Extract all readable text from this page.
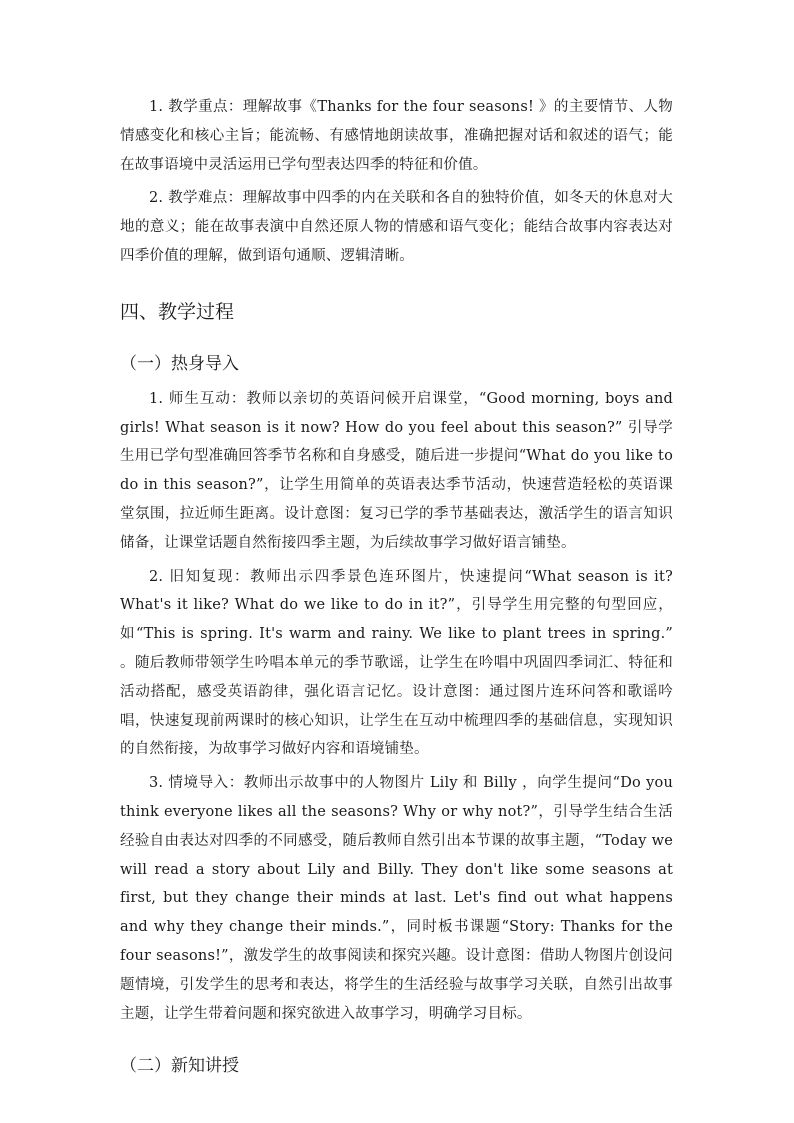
1. 教学重点：理解故事《Thanks for the four seasons! 》的主要情节、人物情感变化和核心主旨；能流畅、有感情地朗读故事，准确把握对话和叙述的语气；能在故事语境中灵活运用已学句型表达四季的特征和价值。

2. 教学难点：理解故事中四季的内在关联和各自的独特价值，如冬天的休息对大地的意义；能在故事表演中自然还原人物的情感和语气变化；能结合故事内容表达对四季价值的理解，做到语句通顺、逻辑清晰。

四、教学过程
（一）热身导入

1. 师生互动：教师以亲切的英语问候开启课堂，“Good morning, boys and girls! What season is it now? How do you feel about this season?” 引导学生用已学句型准确回答季节名称和自身感受，随后进一步提问“What do you like to do in this season?”，让学生用简单的英语表达季节活动，快速营造轻松的英语课堂氛围，拉近师生距离。设计意图：复习已学的季节基础表达，激活学生的语言知识储备，让课堂话题自然衔接四季主题，为后续故事学习做好语言铺垫。

2. 旧知复现：教师出示四季景色连环图片，快速提问“What season is it? What's it like? What do we like to do in it?”，引导学生用完整的句型回应，如“This is spring. It's warm and rainy. We like to plant trees in spring.” 。随后教师带领学生吟唱本单元的季节歌谣，让学生在吟唱中巩固四季词汇、特征和活动搭配，感受英语韵律，强化语言记忆。设计意图：通过图片连环问答和歌谣吟唱，快速复现前两课时的核心知识，让学生在互动中梳理四季的基础信息，实现知识的自然衔接，为故事学习做好内容和语境铺垫。

3. 情境导入：教师出示故事中的人物图片 Lily 和 Billy ，向学生提问“Do you think everyone likes all the seasons? Why or why not?”，引导学生结合生活经验自由表达对四季的不同感受，随后教师自然引出本节课的故事主题，“Today we will read a story about Lily and Billy. They don't like some seasons at first, but they change their minds at last. Let's find out what happens and why they change their minds.”，同时板书课题“Story: Thanks for the four seasons!”，激发学生的故事阅读和探究兴趣。设计意图：借助人物图片创设问题情境，引发学生的思考和表达，将学生的生活经验与故事学习关联，自然引出故事主题，让学生带着问题和探究欲进入故事学习，明确学习目标。

（二）新知讲授
